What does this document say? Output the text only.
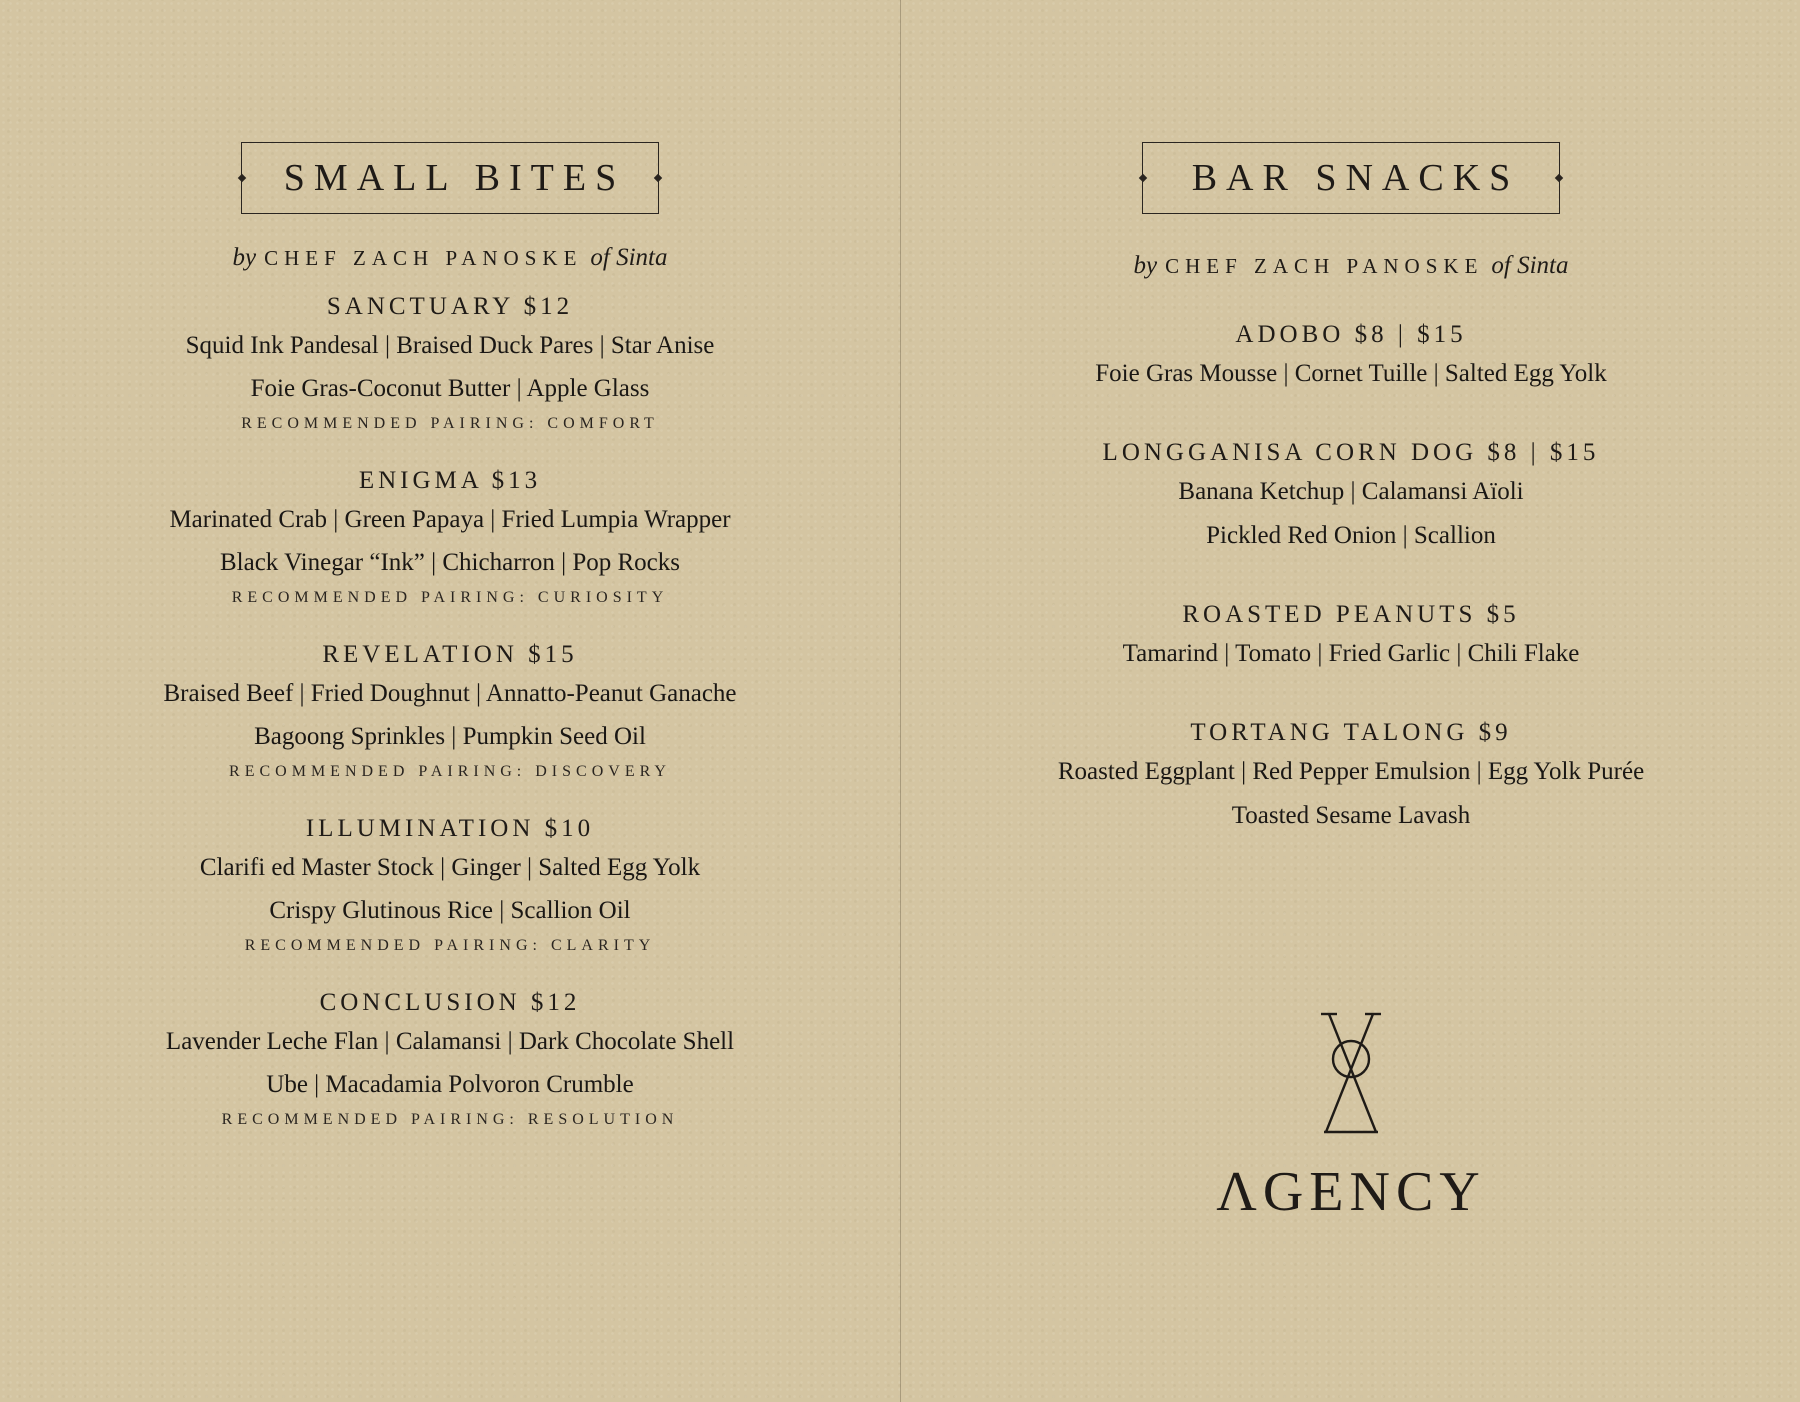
SMALL BITES
by CHEF ZACH PANOSKE of Sinta
SANCTUARY $12
Squid Ink Pandesal | Braised Duck Pares | Star Anise
Foie Gras-Coconut Butter | Apple Glass
RECOMMENDED PAIRING: COMFORT
ENIGMA $13
Marinated Crab | Green Papaya | Fried Lumpia Wrapper
Black Vinegar “Ink” | Chicharron | Pop Rocks
RECOMMENDED PAIRING: CURIOSITY
REVELATION $15
Braised Beef | Fried Doughnut | Annatto-Peanut Ganache
Bagoong Sprinkles | Pumpkin Seed Oil
RECOMMENDED PAIRING: DISCOVERY
ILLUMINATION $10
Clarifi ed Master Stock | Ginger | Salted Egg Yolk
Crispy Glutinous Rice | Scallion Oil
RECOMMENDED PAIRING: CLARITY
CONCLUSION $12
Lavender Leche Flan | Calamansi | Dark Chocolate Shell
Ube | Macadamia Polvoron Crumble
RECOMMENDED PAIRING: RESOLUTION
BAR SNACKS
by CHEF ZACH PANOSKE of Sinta
ADOBO $8 | $15
Foie Gras Mousse | Cornet Tuille | Salted Egg Yolk
LONGGANISA CORN DOG $8 | $15
Banana Ketchup | Calamansi Aïoli
Pickled Red Onion | Scallion
ROASTED PEANUTS $5
Tamarind | Tomato | Fried Garlic | Chili Flake
TORTANG TALONG $9
Roasted Eggplant | Red Pepper Emulsion | Egg Yolk Purée
Toasted Sesame Lavash
ΛGENCY
